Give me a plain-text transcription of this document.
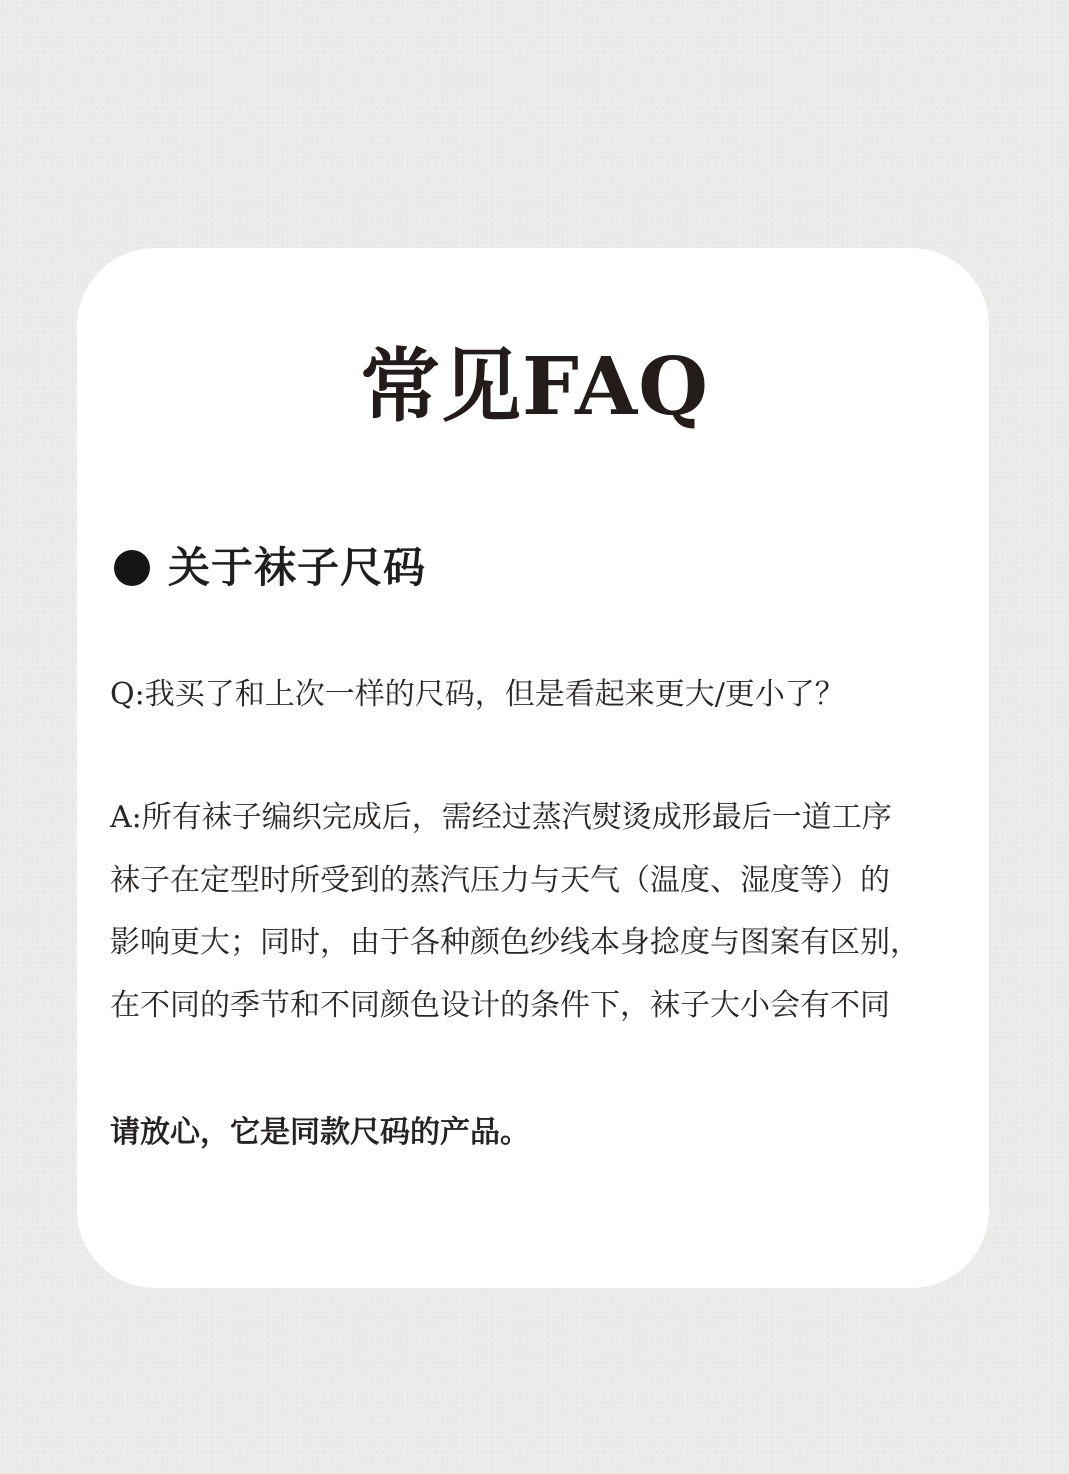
常见FAQ
关于袜子尺码

Q:我买了和上次一样的尺码，但是看起来更大/更小了？

A:所有袜子编织完成后，需经过蒸汽熨烫成形最后一道工序

袜子在定型时所受到的蒸汽压力与天气（温度、湿度等）的

影响更大；同时，由于各种颜色纱线本身捻度与图案有区别，

在不同的季节和不同颜色设计的条件下，袜子大小会有不同

请放心，它是同款尺码的产品。
